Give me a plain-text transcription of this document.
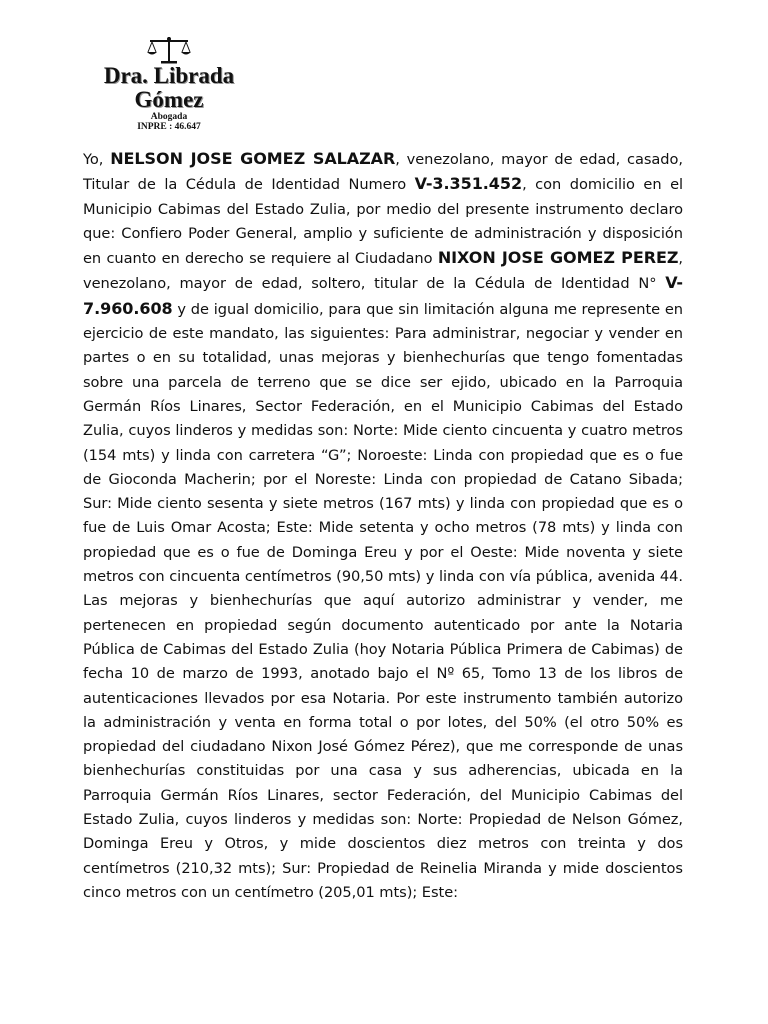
Dra. Librada
Gómez
Abogada
INPRE : 46.647

Yo, NELSON JOSE GOMEZ SALAZAR, venezolano, mayor de edad, casado, Titular de la Cédula de Identidad Numero V-3.351.452, con domicilio en el Municipio Cabimas del Estado Zulia, por medio del presente instrumento declaro que: Confiero Poder General, amplio y suficiente de administración y disposición en cuanto en derecho se requiere al Ciudadano NIXON JOSE GOMEZ PEREZ, venezolano, mayor de edad, soltero, titular de la Cédula de Identidad N° V-7.960.608 y de igual domicilio, para que sin limitación alguna me represente en ejercicio de este mandato, las siguientes: Para administrar, negociar y vender en partes o en su totalidad, unas mejoras y bienhechurías que tengo fomentadas sobre una parcela de terreno que se dice ser ejido, ubicado en la Parroquia Germán Ríos Linares, Sector Federación, en el Municipio Cabimas del Estado Zulia, cuyos linderos y medidas son: Norte: Mide ciento cincuenta y cuatro metros (154 mts) y linda con carretera “G”; Noroeste: Linda con propiedad que es o fue de Gioconda Macherin; por el Noreste: Linda con propiedad de Catano Sibada; Sur: Mide ciento sesenta y siete metros (167 mts) y linda con propiedad que es o fue de Luis Omar Acosta; Este: Mide setenta y ocho metros (78 mts) y linda con propiedad que es o fue de Dominga Ereu y por el Oeste: Mide noventa y siete metros con cincuenta centímetros (90,50 mts) y linda con vía pública, avenida 44. Las mejoras y bienhechurías que aquí autorizo administrar y vender, me pertenecen en propiedad según documento autenticado por ante la Notaria Pública de Cabimas del Estado Zulia (hoy Notaria Pública Primera de Cabimas) de fecha 10 de marzo de 1993, anotado bajo el Nº 65, Tomo 13 de los libros de autenticaciones llevados por esa Notaria. Por este instrumento también autorizo la administración y venta en forma total o por lotes, del 50% (el otro 50% es propiedad del ciudadano Nixon José Gómez Pérez), que me corresponde de unas bienhechurías constituidas por una casa y sus adherencias, ubicada en la Parroquia Germán Ríos Linares, sector Federación, del Municipio Cabimas del Estado Zulia, cuyos linderos y medidas son: Norte: Propiedad de Nelson Gómez, Dominga Ereu y Otros, y mide doscientos diez metros con treinta y dos centímetros (210,32 mts); Sur: Propiedad de Reinelia Miranda y mide doscientos cinco metros con un centímetro (205,01 mts); Este:
